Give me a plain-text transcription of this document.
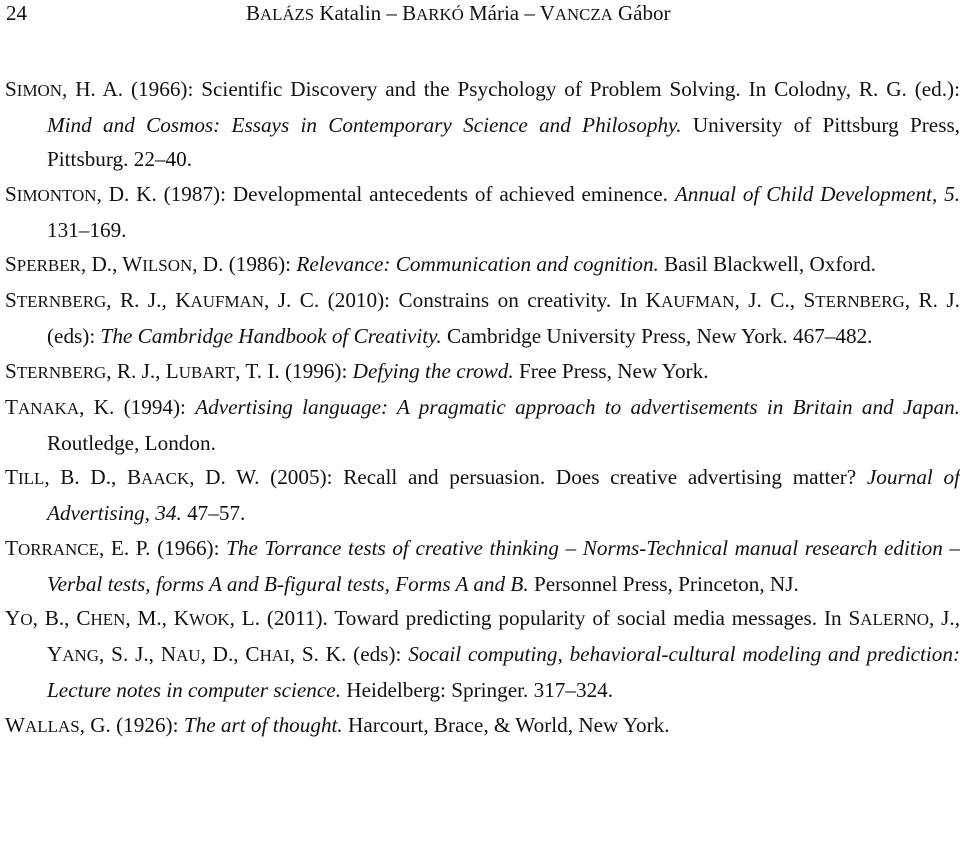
24	BALÁZS Katalin – BARKÓ Mária – VANCZA Gábor

SIMON, H. A. (1966): Scientific Discovery and the Psychology of Problem Solving. In Colodny, R. G. (ed.): Mind and Cosmos: Essays in Contemporary Science and Philosophy. University of Pittsburg Press, Pittsburg. 22–40.

SIMONTON, D. K. (1987): Developmental antecedents of achieved eminence. Annual of Child Development, 5. 131–169.

SPERBER, D., WILSON, D. (1986): Relevance: Communication and cognition. Basil Blackwell, Oxford.

STERNBERG, R. J., KAUFMAN, J. C. (2010): Constrains on creativity. In KAUFMAN, J. C., STERNBERG, R. J. (eds): The Cambridge Handbook of Creativity. Cambridge University Press, New York. 467–482.

STERNBERG, R. J., LUBART, T. I. (1996): Defying the crowd. Free Press, New York.

TANAKA, K. (1994): Advertising language: A pragmatic approach to advertisements in Britain and Japan. Routledge, London.

TILL, B. D., BAACK, D. W. (2005): Recall and persuasion. Does creative advertising matter? Journal of Advertising, 34. 47–57.

TORRANCE, E. P. (1966): The Torrance tests of creative thinking – Norms-Technical manual research edition – Verbal tests, forms A and B-figural tests, Forms A and B. Personnel Press, Princeton, NJ.

YO, B., CHEN, M., KWOK, L. (2011). Toward predicting popularity of social media messages. In SALERNO, J., YANG, S. J., NAU, D., CHAI, S. K. (eds): Socail computing, behavioral-cultural modeling and prediction: Lecture notes in computer science. Heidelberg: Springer. 317–324.

WALLAS, G. (1926): The art of thought. Harcourt, Brace, & World, New York.
